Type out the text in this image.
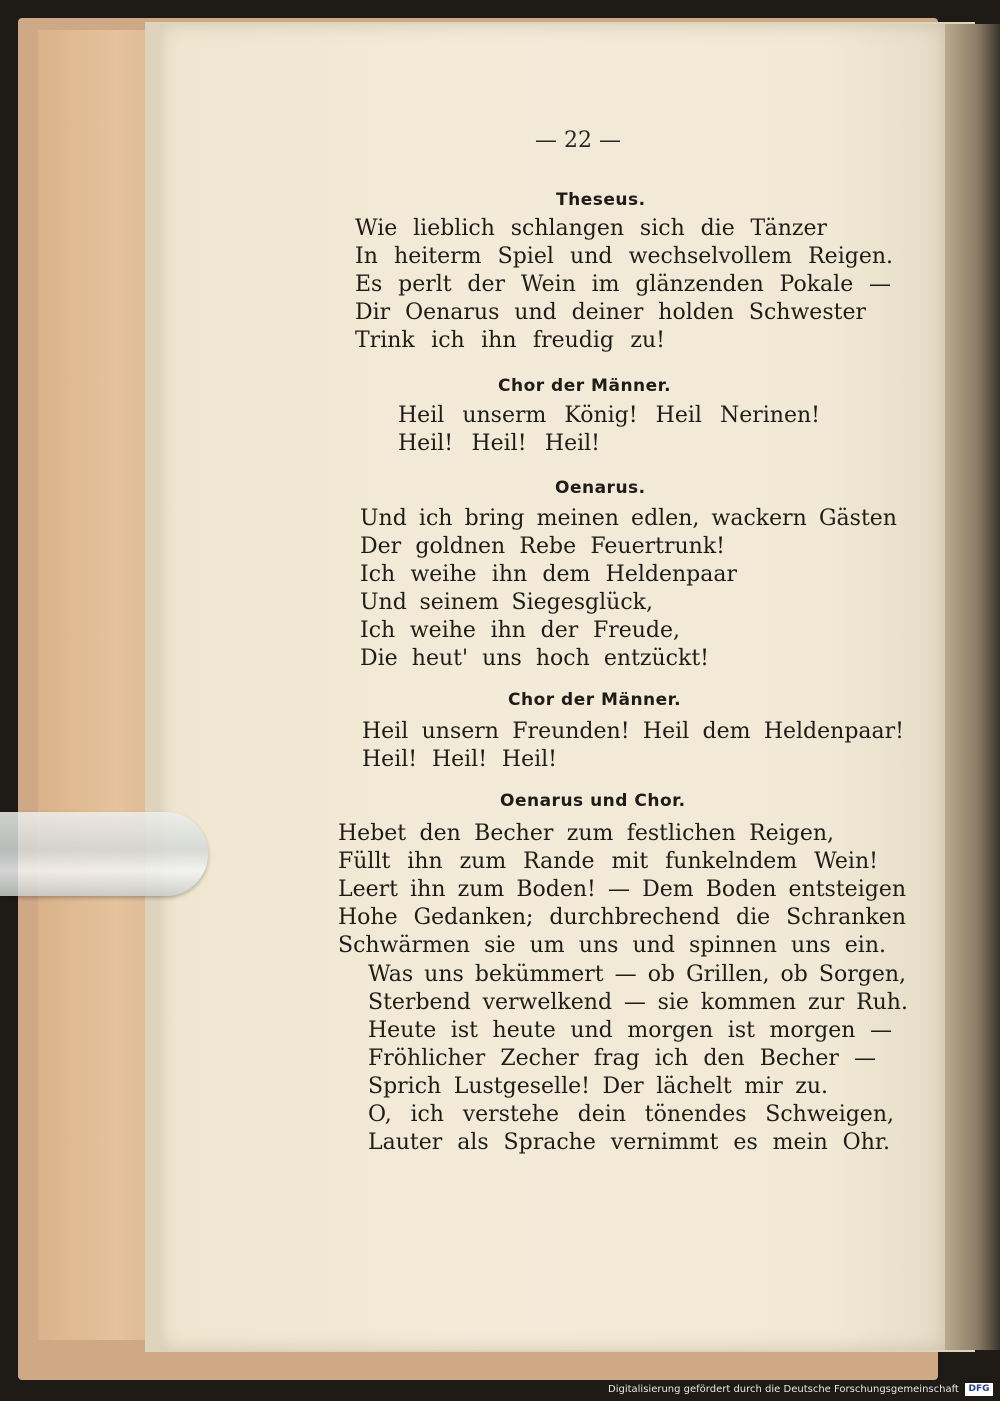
— 22 —
Theseus.
Wie lieblich schlangen sich die Tänzer
In heiterm Spiel und wechselvollem Reigen.
Es perlt der Wein im glänzenden Pokale —
Dir Oenarus und deiner holden Schwester
Trink ich ihn freudig zu!
Chor der Männer.
Heil unserm König! Heil Nerinen!
Heil! Heil! Heil!
Oenarus.
Und ich bring meinen edlen, wackern Gästen
Der goldnen Rebe Feuertrunk!
Ich weihe ihn dem Heldenpaar
Und seinem Siegesglück,
Ich weihe ihn der Freude,
Die heut' uns hoch entzückt!
Chor der Männer.
Heil unsern Freunden! Heil dem Heldenpaar!
Heil! Heil! Heil!
Oenarus und Chor.
Hebet den Becher zum festlichen Reigen,
Füllt ihn zum Rande mit funkelndem Wein!
Leert ihn zum Boden! — Dem Boden entsteigen
Hohe Gedanken; durchbrechend die Schranken
Schwärmen sie um uns und spinnen uns ein.
Was uns bekümmert — ob Grillen, ob Sorgen,
Sterbend verwelkend — sie kommen zur Ruh.
Heute ist heute und morgen ist morgen —
Fröhlicher Zecher frag ich den Becher —
Sprich Lustgeselle! Der lächelt mir zu.
O, ich verstehe dein tönendes Schweigen,
Lauter als Sprache vernimmt es mein Ohr.
Digitalisierung gefördert durch die Deutsche Forschungsgemeinschaft	DFG
